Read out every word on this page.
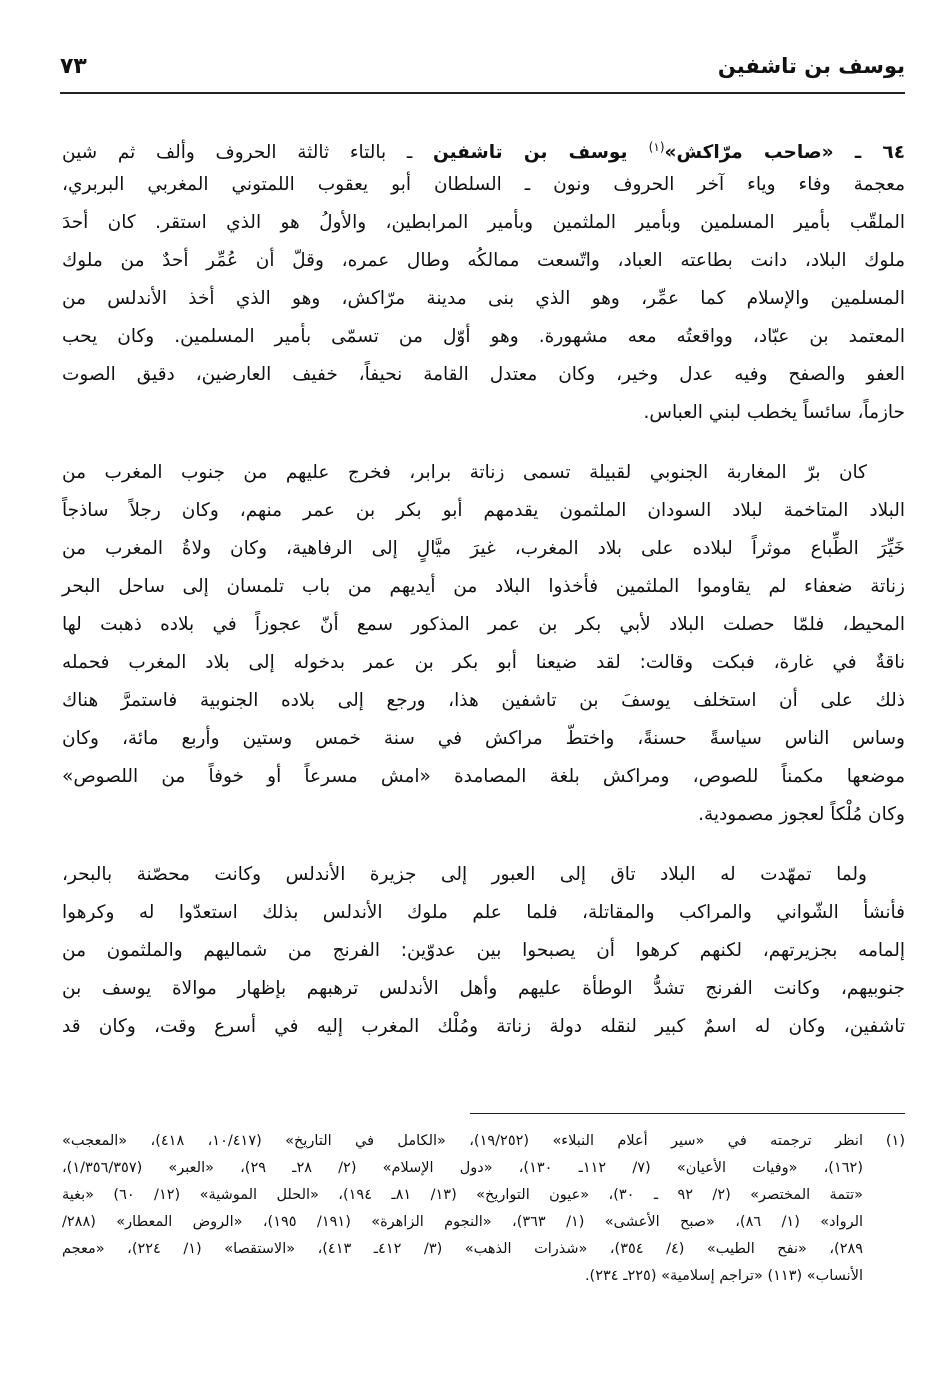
٧٣	يوسف بن تاشفين
٦٤ ـ «صاحب مرّاكش»$^{(١)}$ يوسف بن تاشفين ـ بالتاء ثالثة الحروف وألف ثم شين
معجمة وفاء وياء آخر الحروف ونون ـ السلطان أبو يعقوب اللمتوني المغربي البربري،
الملقّب بأمير المسلمين وبأمير الملثمين وبأمير المرابطين، والأولُ هو الذي استقر. كان أحدَ
ملوك البلاد، دانت بطاعته العباد، واتّسعت ممالكُه وطال عمره، وقلّ أن عُمِّر أحدٌ من ملوك
المسلمين والإسلام كما عمِّر، وهو الذي بنى مدينة مرّاكش، وهو الذي أخذ الأندلس من
المعتمد بن عبّاد، وواقعتُه معه مشهورة. وهو أوّل من تسمّى بأمير المسلمين. وكان يحب
العفو والصفح وفيه عدل وخير، وكان معتدل القامة نحيفاً، خفيف العارضين، دقيق الصوت
حازماً، سائساً يخطب لبني العباس.
كان برّ المغاربة الجنوبي لقبيلة تسمى زناتة برابر، فخرج عليهم من جنوب المغرب من
البلاد المتاخمة لبلاد السودان الملثمون يقدمهم أبو بكر بن عمر منهم، وكان رجلاً ساذجاً
خَيِّرَ الطِّباع موثراً لبلاده على بلاد المغرب، غيرَ ميَّالٍ إلى الرفاهية، وكان ولاةُ المغرب من
زناتة ضعفاء لم يقاوموا الملثمين فأخذوا البلاد من أيديهم من باب تلمسان إلى ساحل البحر
المحيط، فلمّا حصلت البلاد لأبي بكر بن عمر المذكور سمع أنّ عجوزاً في بلاده ذهبت لها
ناقةٌ في غارة، فبكت وقالت: لقد ضيعنا أبو بكر بن عمر بدخوله إلى بلاد المغرب فحمله
ذلك على أن استخلف يوسفَ بن تاشفين هذا، ورجع إلى بلاده الجنوبية فاستمرَّ هناك
وساس الناس سياسةً حسنةً، واختطّ مراكش في سنة خمس وستين وأربع مائة، وكان
موضعها مكمناً للصوص، ومراكش بلغة المصامدة «امش مسرعاً أو خوفاً من اللصوص»
وكان مُلْكاً لعجوز مصمودية.
ولما تمهّدت له البلاد تاق إلى العبور إلى جزيرة الأندلس وكانت محصّنة بالبحر،
فأنشأ الشّواني والمراكب والمقاتلة، فلما علم ملوك الأندلس بذلك استعدّوا له وكرهوا
إلمامه بجزيرتهم، لكنهم كرهوا أن يصبحوا بين عدوّين: الفرنج من شماليهم والملثمون من
جنوبيهم، وكانت الفرنج تشدُّ الوطأة عليهم وأهل الأندلس ترهبهم بإظهار موالاة يوسف بن
تاشفين، وكان له اسمٌ كبير لنقله دولة زناتة ومُلْك المغرب إليه في أسرع وقت، وكان قد
(١)انظر ترجمته في «سير أعلام النبلاء» (١٩/٢٥٢)، «الكامل في التاريخ» (١٠/٤١٧، ٤١٨)، «المعجب»
(١٦٢)، «وفيات الأعيان» (٧/ ١١٢ـ ١٣٠)، «دول الإسلام» (٢/ ٢٨ـ ٢٩)، «العبر» (١/٣٥٦/٣٥٧)،
«تتمة المختصر» (٢/ ٩٢ ـ ٣٠)، «عيون التواريخ» (١٣/ ٨١ـ ١٩٤)، «الحلل الموشية» (١٢/ ٦٠) «بغية
الرواد» (١/ ٨٦)، «صبح الأعشى» (١/ ٣٦٣)، «النجوم الزاهرة» (١٩١/ ١٩٥)، «الروض المعطار» (٢٨٨/
٢٨٩)، «نفح الطيب» (٤/ ٣٥٤)، «شذرات الذهب» (٣/ ٤١٢ـ ٤١٣)، «الاستقصا» (١/ ٢٢٤)، «معجم
الأنساب» (١١٣) «تراجم إسلامية» (٢٢٥ـ ٢٣٤).
